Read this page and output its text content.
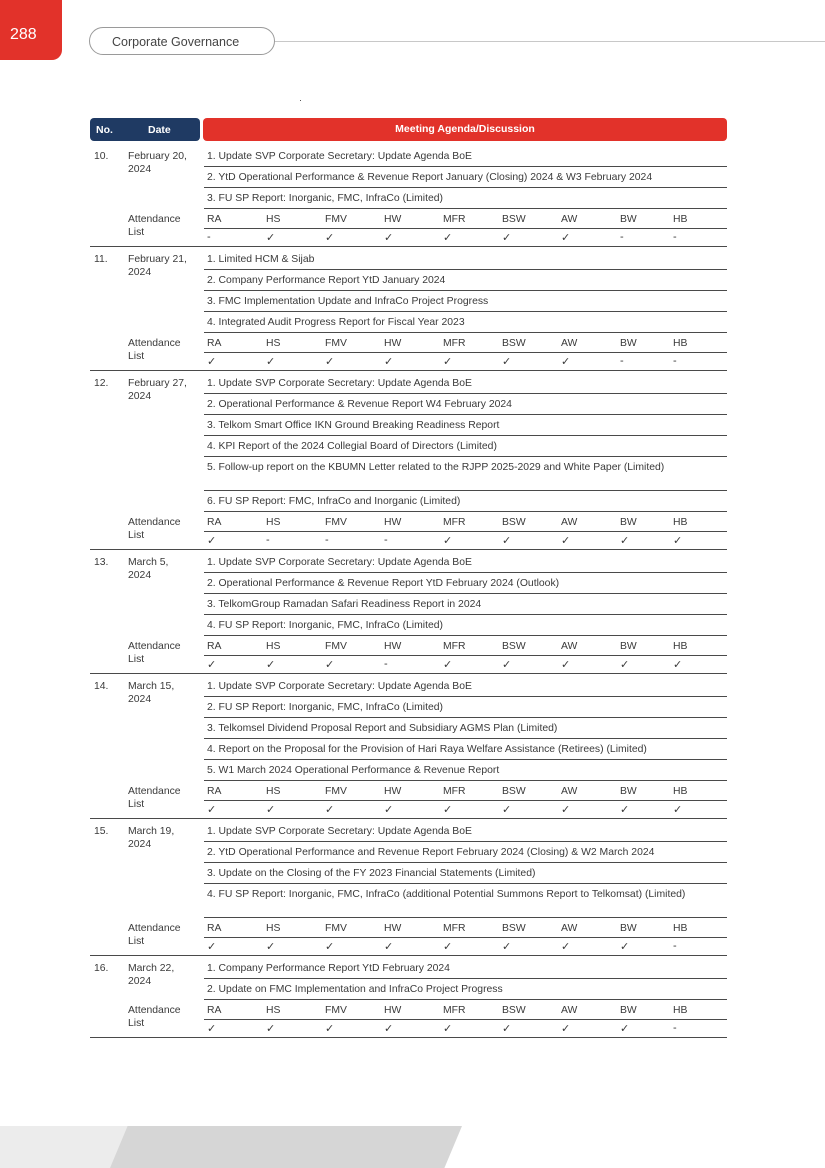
288	Corporate Governance
No.	Date	Meeting Agenda/Discussion
10.	February 20, 2024
1. Update SVP Corporate Secretary: Update Agenda BoE
2. YtD Operational Performance & Revenue Report January (Closing) 2024 & W3 February 2024
3. FU SP Report: Inorganic, FMC, InfraCo (Limited)
Attendance List
RA	HS	FMV	HW	MFR	BSW	AW	BW	HB
-	✓	✓	✓	✓	✓	✓	-	-
11.	February 21, 2024
1. Limited HCM & Sijab
2. Company Performance Report YtD January 2024
3. FMC Implementation Update and InfraCo Project Progress
4. Integrated Audit Progress Report for Fiscal Year 2023
Attendance List
RA	HS	FMV	HW	MFR	BSW	AW	BW	HB
✓	✓	✓	✓	✓	✓	✓	-	-
12.	February 27, 2024
1. Update SVP Corporate Secretary: Update Agenda BoE
2. Operational Performance & Revenue Report W4 February 2024
3. Telkom Smart Office IKN Ground Breaking Readiness Report
4. KPI Report of the 2024 Collegial Board of Directors (Limited)
5. Follow-up report on the KBUMN Letter related to the RJPP 2025-2029 and White Paper (Limited)
6. FU SP Report: FMC, InfraCo and Inorganic (Limited)
Attendance List
RA	HS	FMV	HW	MFR	BSW	AW	BW	HB
✓	-	-	-	✓	✓	✓	✓	✓
13.	March 5, 2024
1. Update SVP Corporate Secretary: Update Agenda BoE
2. Operational Performance & Revenue Report YtD February 2024 (Outlook)
3. TelkomGroup Ramadan Safari Readiness Report in 2024
4. FU SP Report: Inorganic, FMC, InfraCo (Limited)
Attendance List
RA	HS	FMV	HW	MFR	BSW	AW	BW	HB
✓	✓	✓	-	✓	✓	✓	✓	✓
14.	March 15, 2024
1. Update SVP Corporate Secretary: Update Agenda BoE
2. FU SP Report: Inorganic, FMC, InfraCo (Limited)
3. Telkomsel Dividend Proposal Report and Subsidiary AGMS Plan (Limited)
4. Report on the Proposal for the Provision of Hari Raya Welfare Assistance (Retirees) (Limited)
5. W1 March 2024 Operational Performance & Revenue Report
Attendance List
RA	HS	FMV	HW	MFR	BSW	AW	BW	HB
✓	✓	✓	✓	✓	✓	✓	✓	✓
15.	March 19, 2024
1. Update SVP Corporate Secretary: Update Agenda BoE
2. YtD Operational Performance and Revenue Report February 2024 (Closing) & W2 March 2024
3. Update on the Closing of the FY 2023 Financial Statements (Limited)
4. FU SP Report: Inorganic, FMC, InfraCo (additional Potential Summons Report to Telkomsat) (Limited)
Attendance List
RA	HS	FMV	HW	MFR	BSW	AW	BW	HB
✓	✓	✓	✓	✓	✓	✓	✓	-
16.	March 22, 2024
1. Company Performance Report YtD February 2024
2. Update on FMC Implementation and InfraCo Project Progress
Attendance List
RA	HS	FMV	HW	MFR	BSW	AW	BW	HB
✓	✓	✓	✓	✓	✓	✓	✓	-
